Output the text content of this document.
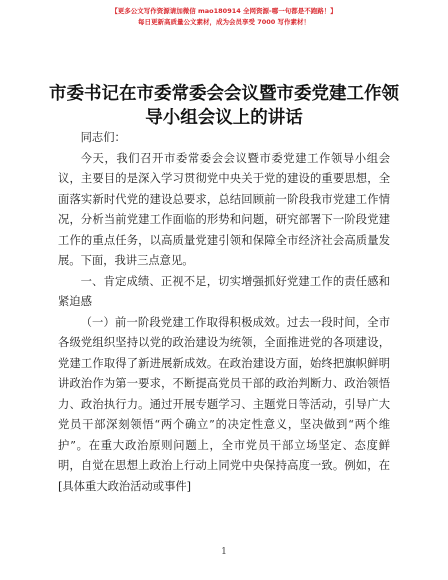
【更多公文写作资源请加微信 mao180914 全网资源-哪一句都是不跑路！】
每日更新高质量公文素材，成为会员享受 7000 写作素材！
市委书记在市委常委会会议暨市委党建工作领
导小组会议上的讲话

同志们：

今天，我们召开市委常委会会议暨市委党建工作领导小组会议，主要目的是深入学习贯彻党中央关于党的建设的重要思想，全面落实新时代党的建设总要求，总结回顾前一阶段我市党建工作情况，分析当前党建工作面临的形势和问题，研究部署下一阶段党建工作的重点任务，以高质量党建引领和保障全市经济社会高质量发展。下面，我讲三点意见。

一、肯定成绩、正视不足，切实增强抓好党建工作的责任感和紧迫感

（一）前一阶段党建工作取得积极成效。过去一段时间，全市各级党组织坚持以党的政治建设为统领，全面推进党的各项建设，党建工作取得了新进展新成效。在政治建设方面，始终把旗帜鲜明讲政治作为第一要求，不断提高党员干部的政治判断力、政治领悟力、政治执行力。通过开展专题学习、主题党日等活动，引导广大党员干部深刻领悟“两个确立”的决定性意义，坚决做到“两个维护”。在重大政治原则问题上，全市党员干部立场坚定、态度鲜明，自觉在思想上政治上行动上同党中央保持高度一致。例如，在[具体重大政治活动或事件]

1
